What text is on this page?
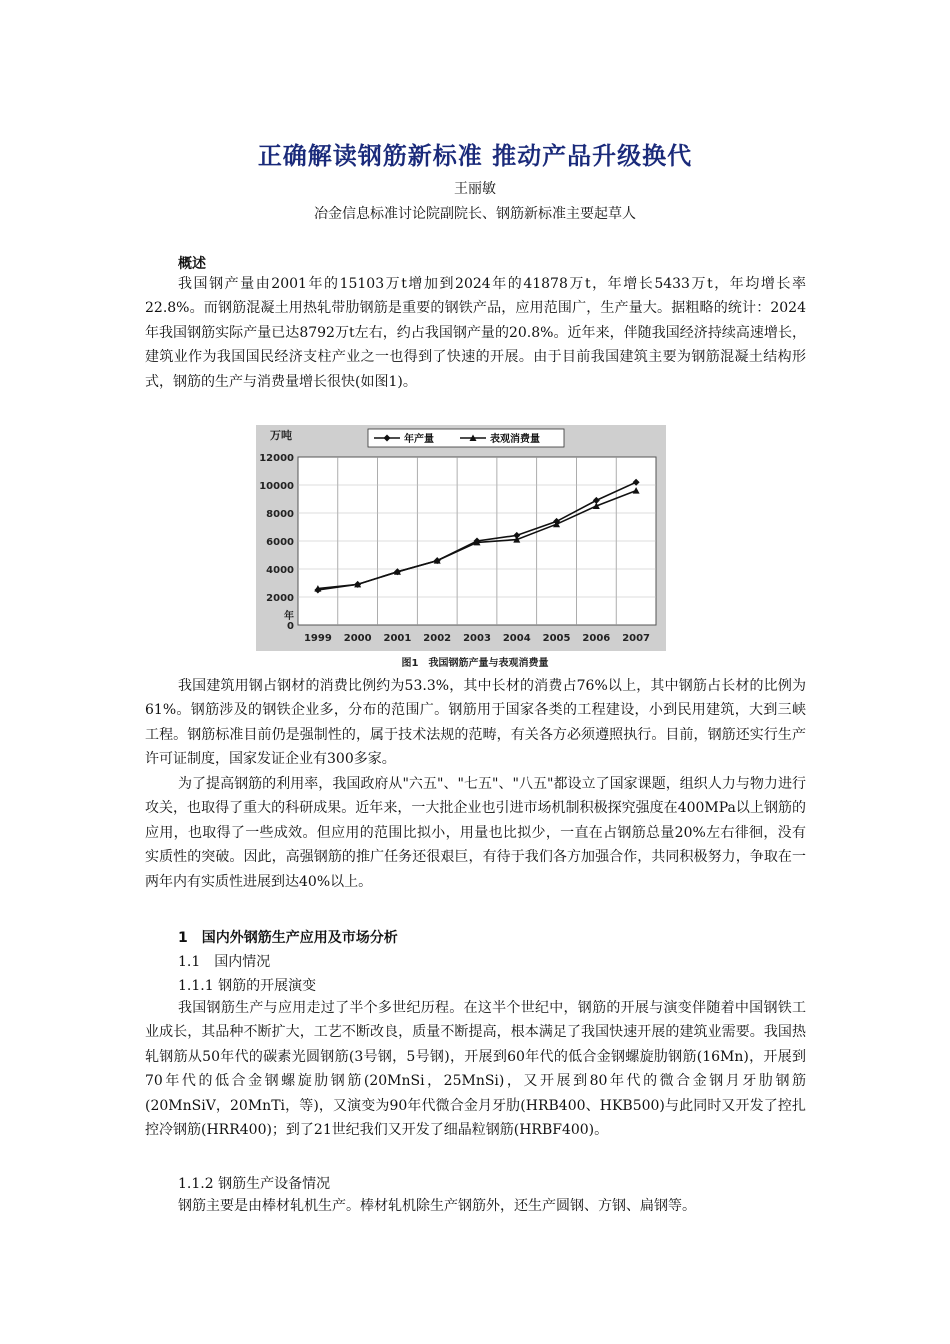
正确解读钢筋新标准 推动产品升级换代
王丽敏
冶金信息标准讨论院副院长、钢筋新标准主要起草人
概述

我国钢产量由2001年的15103万t增加到2024年的41878万t，年增长5433万t，年均增长率22.8%。而钢筋混凝土用热轧带肋钢筋是重要的钢铁产品，应用范围广，生产量大。据粗略的统计：2024年我国钢筋实际产量已达8792万t左右，约占我国钢产量的20.8%。近年来，伴随我国经济持续高速增长，建筑业作为我国国民经济支柱产业之一也得到了快速的开展。由于目前我国建筑主要为钢筋混凝土结构形式，钢筋的生产与消费量增长很快(如图1)。

0
2000
4000
6000
8000
10000
12000
万吨
年
1999 2000 2001 2002 2003 2004 2005 2006 2007
年产量	表观消费量
图1　我国钢筋产量与表观消费量

我国建筑用钢占钢材的消费比例约为53.3%，其中长材的消费占76%以上，其中钢筋占长材的比例为61%。钢筋涉及的钢铁企业多，分布的范围广。钢筋用于国家各类的工程建设，小到民用建筑，大到三峡工程。钢筋标准目前仍是强制性的，属于技术法规的范畴，有关各方必须遵照执行。目前，钢筋还实行生产许可证制度，国家发证企业有300多家。

为了提高钢筋的利用率，我国政府从"六五"、"七五"、"八五"都设立了国家课题，组织人力与物力进行攻关，也取得了重大的科研成果。近年来，一大批企业也引进市场机制积极探究强度在400MPa以上钢筋的应用，也取得了一些成效。但应用的范围比拟小，用量也比拟少，一直在占钢筋总量20%左右徘徊，没有实质性的突破。因此，高强钢筋的推广任务还很艰巨，有待于我们各方加强合作，共同积极努力，争取在一两年内有实质性进展到达40%以上。

1　国内外钢筋生产应用及市场分析
1.1　国内情况
1.1.1 钢筋的开展演变

我国钢筋生产与应用走过了半个多世纪历程。在这半个世纪中，钢筋的开展与演变伴随着中国钢铁工业成长，其品种不断扩大，工艺不断改良，质量不断提高，根本满足了我国快速开展的建筑业需要。我国热轧钢筋从50年代的碳素光圆钢筋(3号钢，5号钢)，开展到60年代的低合金钢螺旋肋钢筋(16Mn)，开展到70年代的低合金钢螺旋肋钢筋(20MnSi，25MnSi)，又开展到80年代的微合金钢月牙肋钢筋(20MnSiV，20MnTi，等)，又演变为90年代微合金月牙肋(HRB400、HKB500)与此同时又开发了控扎控冷钢筋(HRR400)；到了21世纪我们又开发了细晶粒钢筋(HRBF400)。

1.1.2 钢筋生产设备情况

钢筋主要是由棒材轧机生产。棒材轧机除生产钢筋外，还生产圆钢、方钢、扁钢等。
